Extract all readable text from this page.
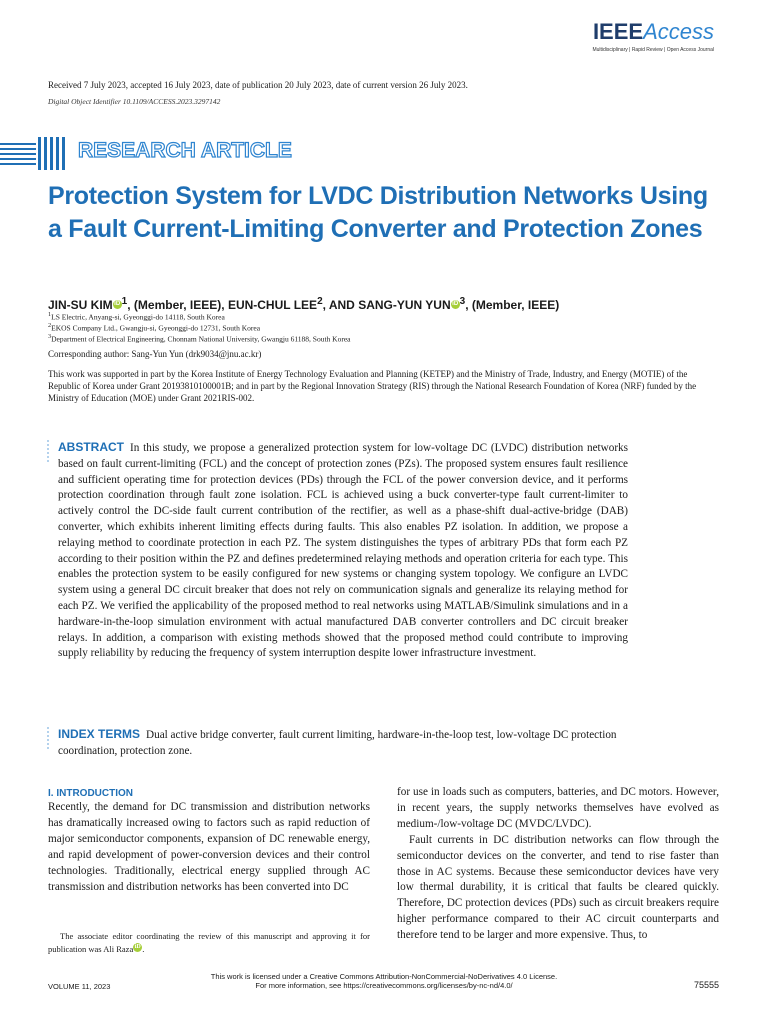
IEEEAccess
Multidisciplinary | Rapid Review | Open Access Journal
Received 7 July 2023, accepted 16 July 2023, date of publication 20 July 2023, date of current version 26 July 2023.
Digital Object Identifier 10.1109/ACCESS.2023.3297142
RESEARCH ARTICLE
Protection System for LVDC Distribution Networks Using a Fault Current-Limiting Converter and Protection Zones
JIN-SU KIM iD $^1$, (Member, IEEE), EUN-CHUL LEE$^2$, AND SANG-YUN YUN iD $^3$, (Member, IEEE)
$^1$LS Electric, Anyang-si, Gyeonggi-do 14118, South Korea
$^2$EKOS Company Ltd., Gwangju-si, Gyeonggi-do 12731, South Korea
$^3$Department of Electrical Engineering, Chonnam National University, Gwangju 61188, South Korea
Corresponding author: Sang-Yun Yun (drk9034@jnu.ac.kr)
This work was supported in part by the Korea Institute of Energy Technology Evaluation and Planning (KETEP) and the Ministry of Trade, Industry, and Energy (MOTIE) of the Republic of Korea under Grant 20193810100001B; and in part by the Regional Innovation Strategy (RIS) through the National Research Foundation of Korea (NRF) funded by the Ministry of Education (MOE) under Grant 2021RIS-002.
ABSTRACT In this study, we propose a generalized protection system for low-voltage DC (LVDC) distribution networks based on fault current-limiting (FCL) and the concept of protection zones (PZs). The proposed system ensures fault resilience and sufficient operating time for protection devices (PDs) through the FCL of the power conversion device, and it performs protection coordination through fault zone isolation. FCL is achieved using a buck converter-type fault current-limiter to actively control the DC-side fault current contribution of the rectifier, as well as a phase-shift dual-active-bridge (DAB) converter, which exhibits inherent limiting effects during faults. This also enables PZ isolation. In addition, we propose a relaying method to coordinate protection in each PZ. The system distinguishes the types of arbitrary PDs that form each PZ according to their position within the PZ and defines predetermined relaying methods and operation criteria for each type. This enables the protection system to be easily configured for new systems or changing system topology. We configure an LVDC system using a general DC circuit breaker that does not rely on communication signals and generalize its relaying method for each PZ. We verified the applicability of the proposed method to real networks using MATLAB/Simulink simulations and in a hardware-in-the-loop simulation environment with actual manufactured DAB converter controllers and DC circuit breaker relays. In addition, a comparison with existing methods showed that the proposed method could contribute to improving supply reliability by reducing the frequency of system interruption despite lower infrastructure investment.
INDEX TERMS Dual active bridge converter, fault current limiting, hardware-in-the-loop test, low-voltage DC protection coordination, protection zone.
I. INTRODUCTION
Recently, the demand for DC transmission and distribution networks has dramatically increased owing to factors such as rapid reduction of major semiconductor components, expansion of DC renewable energy, and rapid development of power-conversion devices and their control technologies. Traditionally, electrical energy supplied through AC transmission and distribution networks has been converted into DC
The associate editor coordinating the review of this manuscript and approving it for publication was Ali Raza iD .
for use in loads such as computers, batteries, and DC motors. However, in recent years, the supply networks themselves have evolved as medium-/low-voltage DC (MVDC/LVDC).
Fault currents in DC distribution networks can flow through the semiconductor devices on the converter, and tend to rise faster than those in AC systems. Because these semiconductor devices have very low thermal durability, it is critical that faults be cleared quickly. Therefore, DC protection devices (PDs) such as circuit breakers require higher performance compared to their AC circuit counterparts and therefore tend to be larger and more expensive. Thus, to
This work is licensed under a Creative Commons Attribution-NonCommercial-NoDerivatives 4.0 License.
For more information, see https://creativecommons.org/licenses/by-nc-nd/4.0/
VOLUME 11, 2023	75555
